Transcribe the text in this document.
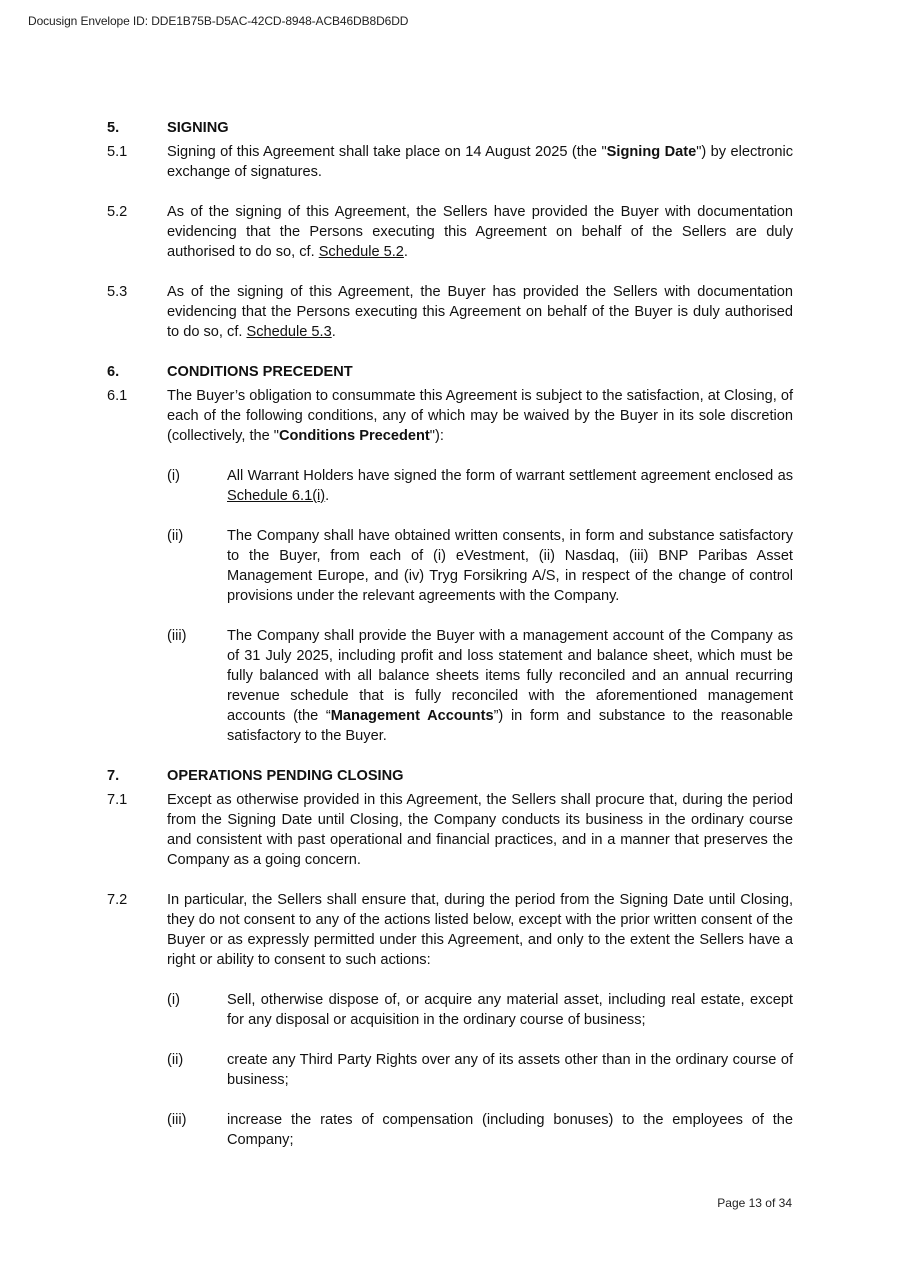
Docusign Envelope ID: DDE1B75B-D5AC-42CD-8948-ACB46DB8D6DD
5.	SIGNING
5.1	Signing of this Agreement shall take place on 14 August 2025 (the "Signing Date") by electronic exchange of signatures.
5.2	As of the signing of this Agreement, the Sellers have provided the Buyer with documentation evidencing that the Persons executing this Agreement on behalf of the Sellers are duly authorised to do so, cf. Schedule 5.2.
5.3	As of the signing of this Agreement, the Buyer has provided the Sellers with documentation evidencing that the Persons executing this Agreement on behalf of the Buyer is duly authorised to do so, cf. Schedule 5.3.
6.	CONDITIONS PRECEDENT
6.1	The Buyer’s obligation to consummate this Agreement is subject to the satisfaction, at Closing, of each of the following conditions, any of which may be waived by the Buyer in its sole discretion (collectively, the "Conditions Precedent"):
(i)	All Warrant Holders have signed the form of warrant settlement agreement enclosed as Schedule 6.1(i).
(ii)	The Company shall have obtained written consents, in form and substance satisfactory to the Buyer, from each of (i) eVestment, (ii) Nasdaq, (iii) BNP Paribas Asset Management Europe, and (iv) Tryg Forsikring A/S, in respect of the change of control provisions under the relevant agreements with the Company.
(iii)	The Company shall provide the Buyer with a management account of the Company as of 31 July 2025, including profit and loss statement and balance sheet, which must be fully balanced with all balance sheets items fully reconciled and an annual recurring revenue schedule that is fully reconciled with the aforementioned management accounts (the “Management Accounts”) in form and substance to the reasonable satisfactory to the Buyer.
7.	OPERATIONS PENDING CLOSING
7.1	Except as otherwise provided in this Agreement, the Sellers shall procure that, during the period from the Signing Date until Closing, the Company conducts its business in the ordinary course and consistent with past operational and financial practices, and in a manner that preserves the Company as a going concern.
7.2	In particular, the Sellers shall ensure that, during the period from the Signing Date until Closing, they do not consent to any of the actions listed below, except with the prior written consent of the Buyer or as expressly permitted under this Agreement, and only to the extent the Sellers have a right or ability to consent to such actions:
(i)	Sell, otherwise dispose of, or acquire any material asset, including real estate, except for any disposal or acquisition in the ordinary course of business;
(ii)	create any Third Party Rights over any of its assets other than in the ordinary course of business;
(iii)	increase the rates of compensation (including bonuses) to the employees of the Company;
Page 13 of 34
